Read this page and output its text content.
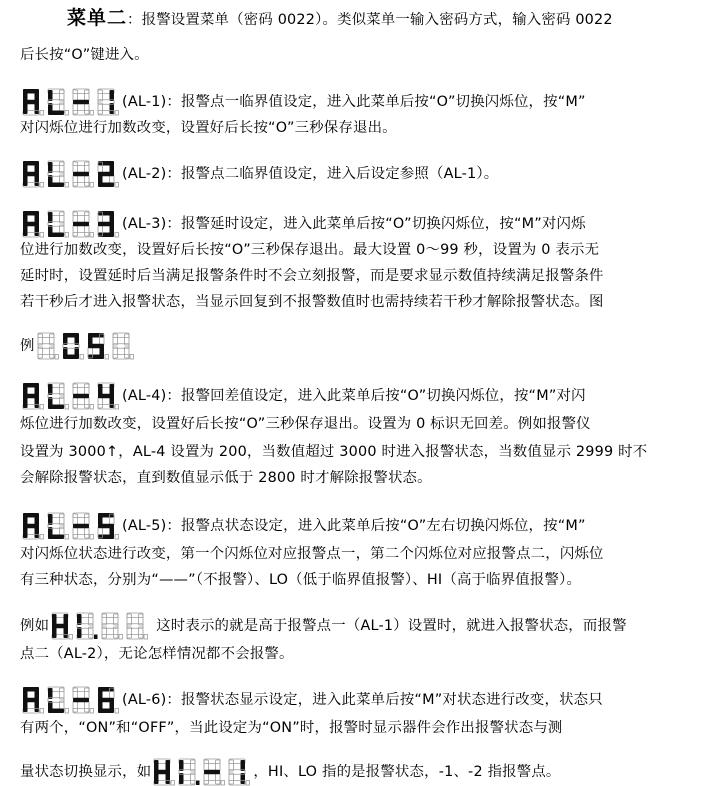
菜单二：报警设置菜单（密码 0022）。类似菜单一输入密码方式，输入密码 0022
后长按“O”键进入。
(AL-1)：报警点一临界值设定，进入此菜单后按“O”切换闪烁位，按“M”
对闪烁位进行加数改变，设置好后长按“O”三秒保存退出。
(AL-2)：报警点二临界值设定，进入后设定参照（AL-1）。
(AL-3)：报警延时设定，进入此菜单后按“O”切换闪烁位，按“M”对闪烁
位进行加数改变，设置好后长按“O”三秒保存退出。最大设置 0～99 秒，设置为 0 表示无
延时时，设置延时后当满足报警条件时不会立刻报警，而是要求显示数值持续满足报警条件
若干秒后才进入报警状态，当显示回复到不报警数值时也需持续若干秒才解除报警状态。图
例
(AL-4)：报警回差值设定，进入此菜单后按“O”切换闪烁位，按“M”对闪
烁位进行加数改变，设置好后长按“O”三秒保存退出。设置为 0 标识无回差。例如报警仪
设置为 3000↑，AL-4 设置为 200，当数值超过 3000 时进入报警状态，当数值显示 2999 时不
会解除报警状态，直到数值显示低于 2800 时才解除报警状态。
(AL-5)：报警点状态设定，进入此菜单后按“O”左右切换闪烁位，按“M”
对闪烁位状态进行改变，第一个闪烁位对应报警点一，第二个闪烁位对应报警点二，闪烁位
有三种状态，分别为“——”（不报警）、LO（低于临界值报警）、HI（高于临界值报警）。
例如	这时表示的就是高于报警点一（AL-1）设置时，就进入报警状态，而报警
点二（AL-2），无论怎样情况都不会报警。
(AL-6)：报警状态显示设定，进入此菜单后按“M”对状态进行改变，状态只
有两个，“ON”和“OFF”，当此设定为“ON”时，报警时显示器件会作出报警状态与测
量状态切换显示，如	，HI、LO 指的是报警状态，-1、-2 指报警点。
